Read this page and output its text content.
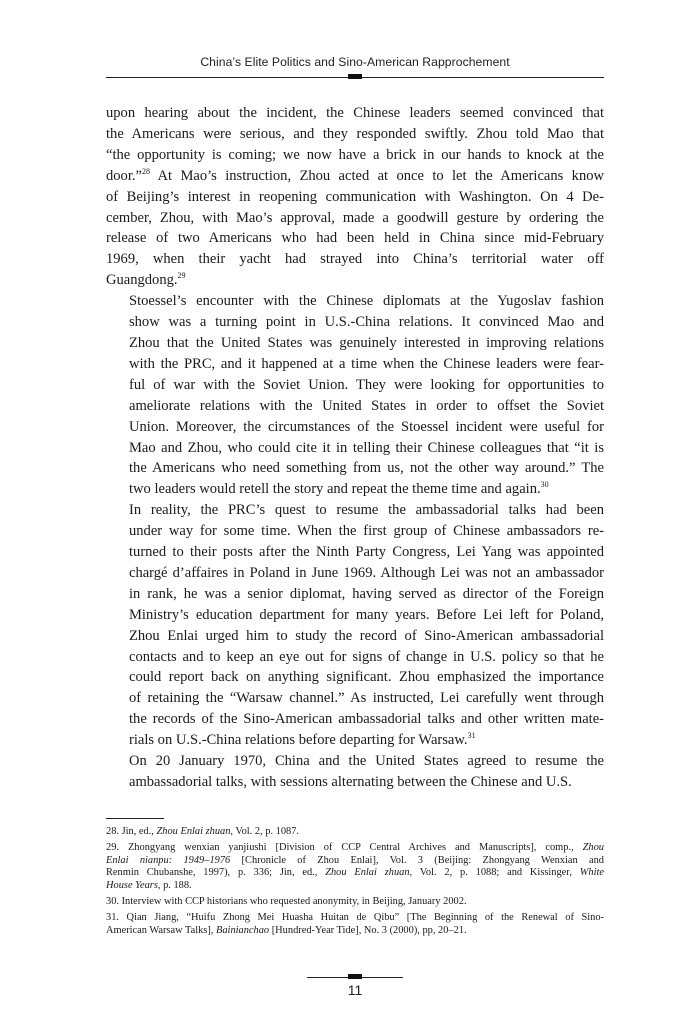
China’s Elite Politics and Sino-American Rapprochement

upon hearing about the incident, the Chinese leaders seemed convinced that
the Americans were serious, and they responded swiftly. Zhou told Mao that
“the opportunity is coming; we now have a brick in our hands to knock at the
door.”$^{28}$ At Mao’s instruction, Zhou acted at once to let the Americans know
of Beijing’s interest in reopening communication with Washington. On 4 De-
cember, Zhou, with Mao’s approval, made a goodwill gesture by ordering the
release of two Americans who had been held in China since mid-February
1969, when their yacht had strayed into China’s territorial water off
Guangdong.$^{29}$

Stoessel’s encounter with the Chinese diplomats at the Yugoslav fashion
show was a turning point in U.S.-China relations. It convinced Mao and
Zhou that the United States was genuinely interested in improving relations
with the PRC, and it happened at a time when the Chinese leaders were fear-
ful of war with the Soviet Union. They were looking for opportunities to
ameliorate relations with the United States in order to offset the Soviet
Union. Moreover, the circumstances of the Stoessel incident were useful for
Mao and Zhou, who could cite it in telling their Chinese colleagues that “it is
the Americans who need something from us, not the other way around.” The
two leaders would retell the story and repeat the theme time and again.$^{30}$

In reality, the PRC’s quest to resume the ambassadorial talks had been
under way for some time. When the first group of Chinese ambassadors re-
turned to their posts after the Ninth Party Congress, Lei Yang was appointed
chargé d’affaires in Poland in June 1969. Although Lei was not an ambassador
in rank, he was a senior diplomat, having served as director of the Foreign
Ministry’s education department for many years. Before Lei left for Poland,
Zhou Enlai urged him to study the record of Sino-American ambassadorial
contacts and to keep an eye out for signs of change in U.S. policy so that he
could report back on anything significant. Zhou emphasized the importance
of retaining the “Warsaw channel.” As instructed, Lei carefully went through
the records of the Sino-American ambassadorial talks and other written mate-
rials on U.S.-China relations before departing for Warsaw.$^{31}$

On 20 January 1970, China and the United States agreed to resume the
ambassadorial talks, with sessions alternating between the Chinese and U.S.

28. Jin, ed., Zhou Enlai zhuan, Vol. 2, p. 1087.
29. Zhongyang wenxian yanjiushi [Division of CCP Central Archives and Manuscripts], comp., Zhou
Enlai nianpu: 1949–1976 [Chronicle of Zhou Enlai], Vol. 3 (Beijing: Zhongyang Wenxian and
Renmin Chubanshe, 1997), p. 336; Jin, ed., Zhou Enlai zhuan, Vol. 2, p. 1088; and Kissinger, White
House Years, p. 188.
30. Interview with CCP historians who requested anonymity, in Beijing, January 2002.
31. Qian Jiang, “Huifu Zhong Mei Huasha Huitan de Qibu” [The Beginning of the Renewal of Sino-
American Warsaw Talks], Bainianchao [Hundred-Year Tide], No. 3 (2000), pp, 20–21.
11
